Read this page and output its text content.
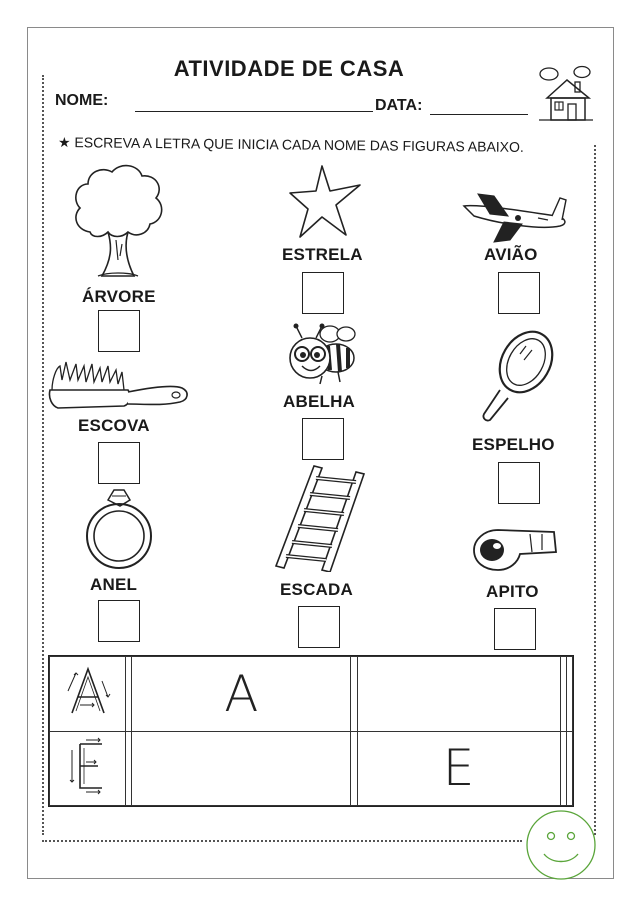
ATIVIDADE DE CASA
NOME:	DATA:
★ ESCREVA A LETRA QUE INICIA CADA NOME DAS FIGURAS ABAIXO.
ÁRVORE
ESTRELA	AVIÃO
ABELHA
ESCOVA
ESPELHO
ANEL	ESCADA	APITO
		A				
				E		
